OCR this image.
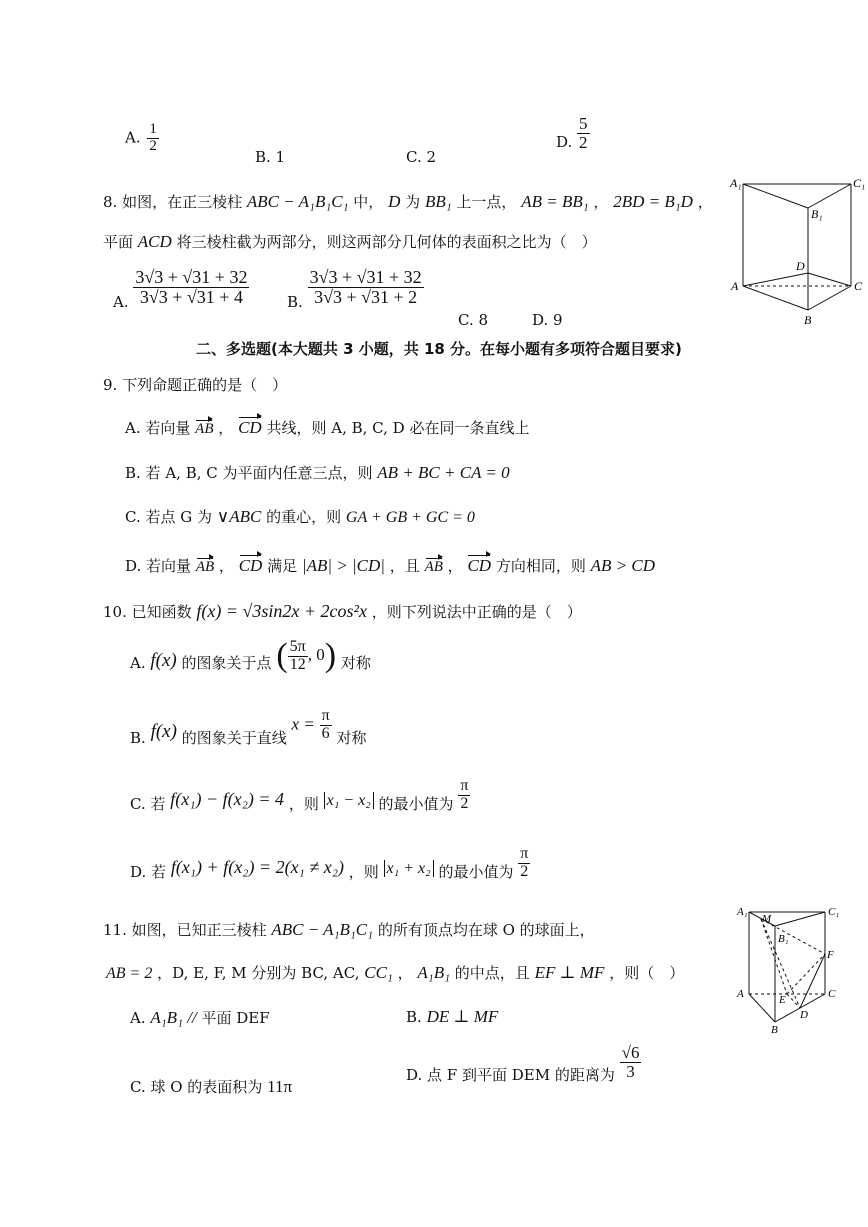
A. $\frac{1}{2}$
B. 1	C. 2
D. $\frac{5}{2}$
8. 如图，在正三棱柱 ABC − A₁B₁C₁ 中， D 为 BB₁ 上一点， AB = BB₁ ， 2BD = B₁D ，
平面 ACD 将三棱柱截为两部分，则这两部分几何体的表面积之比为（　）
A. $\frac{3√3 + √31 + 32}{3√3 + √31 + 4}$	B. $\frac{3√3 + √31 + 32}{3√3 + √31 + 2}$
C. 8	D. 9
A₁
B₁
C₁
D
A	C
B
二、多选题(本大题共 3 小题，共 18 分。在每小题有多项符合题目要求)
9. 下列命题正确的是（　）
A. 若向量 AB ， CD 共线，则 A, B, C, D 必在同一条直线上
B. 若 A, B, C 为平面内任意三点，则 AB + BC + CA = 0
C. 若点 G 为 ∨ABC 的重心，则 GA + GB + GC = 0
D. 若向量 AB ， CD 满足 |AB| > |CD| ，且 AB ， CD 方向相同，则 AB > CD
10. 已知函数 f(x) = √3sin2x + 2cos²x ，则下列说法中正确的是（　）
A. f(x) 的图象关于点 ( $\frac{5\pi}{12}$ , 0) 对称
B. f(x) 的图象关于直线 $x = \frac{\pi}{6}$ 对称
C. 若 f(x₁) − f(x₂) = 4 ，则 x₁ − x₂ 的最小值为 $\frac{\pi}{2}$
D. 若 f(x₁) + f(x₂) = 2(x₁ ≠ x₂) ，则 x₁ + x₂ 的最小值为 $\frac{\pi}{2}$
11. 如图，已知正三棱柱 ABC − A₁B₁C₁ 的所有顶点均在球 O 的球面上，
AB = 2 ，D, E, F, M 分别为 BC, AC, CC₁ ， A₁B₁ 的中点，且 EF ⊥ MF ，则（　）
A. A₁B₁ // 平面 DEF	B. DE ⊥ MF
C. 球 O 的表面积为 11π
D. 点 F 到平面 DEM 的距离为 $\frac{√6}{3}$
A₁
M
B₁
C₁
F
A	E	C
B
D
